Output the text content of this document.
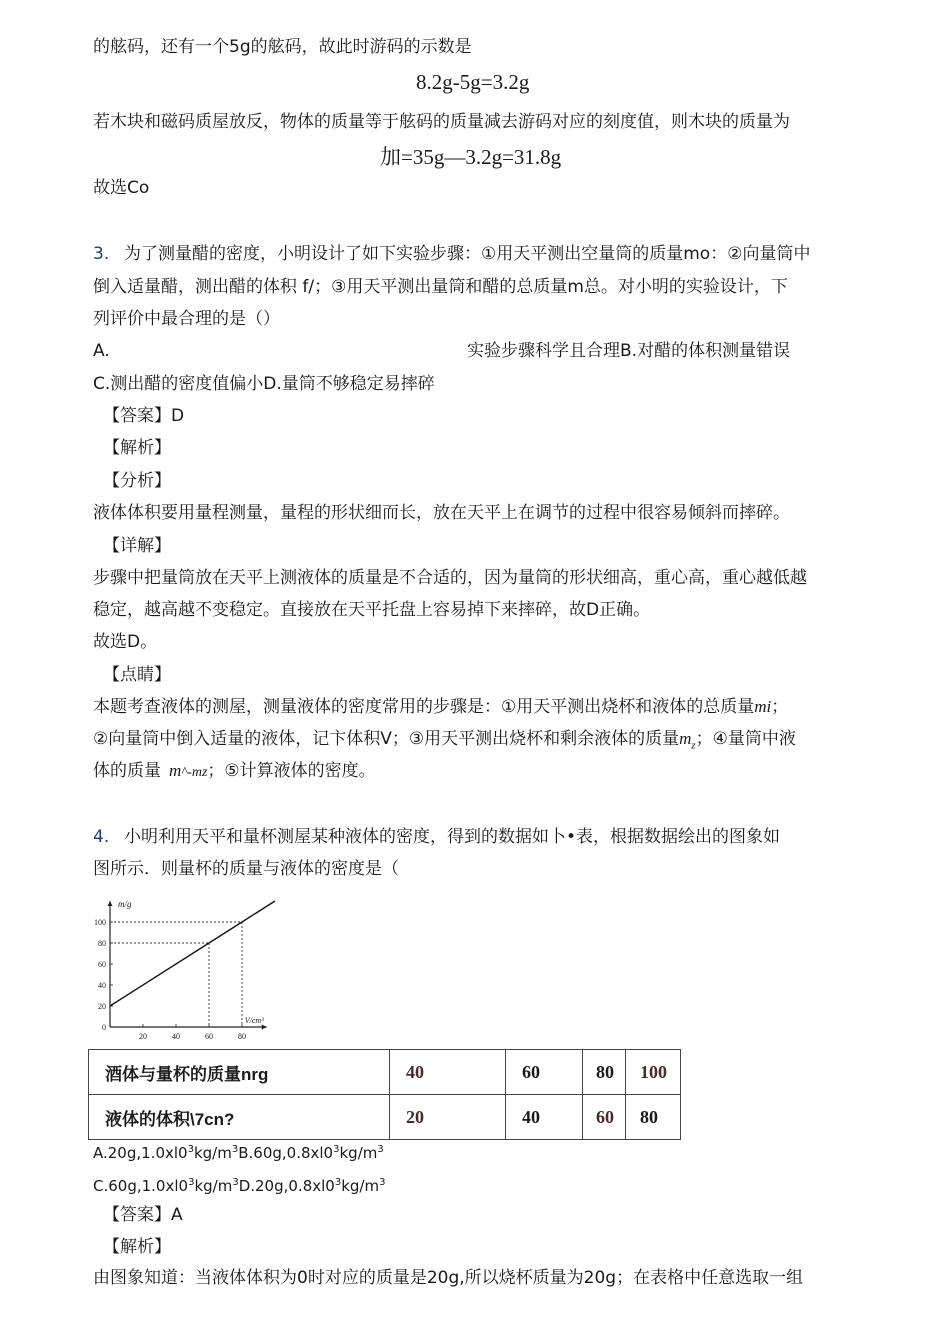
的舷码，还有一个5g的舷码，故此时游码的示数是
8.2g-5g=3.2g
若木块和磁码质屋放反，物体的质量等于舷码的质量减去游码对应的刻度值，则木块的质量为
加=35g—3.2g=31.8g
故选Co
3. 为了测量醋的密度，小明设计了如下实验步骤：①用天平测出空量筒的质量mo：②向量筒中
倒入适量醋，测出醋的体积 f/；③用天平测出量筒和醋的总质量m总。对小明的实验设计，下
列评价中最合理的是（）
A.	实验步骤科学且合理B.对醋的体积测量错误
C.测出醋的密度值偏小D.量筒不够稳定易摔碎
【答案】D
【解析】
【分析】
液体体积要用量程测量，量程的形状细而长，放在天平上在调节的过程中很容易倾斜而摔碎。
【详解】
步骤中把量筒放在天平上测液体的质量是不合适的，因为量筒的形状细高，重心高，重心越低越
稳定，越高越不变稳定。直接放在天平托盘上容易掉下来摔碎，故D正确。
故选D。
【点睛】
本题考查液体的测屋，测量液体的密度常用的步骤是：①用天平测出烧杯和液体的总质量mi；
②向量筒中倒入适量的液体，记卞体积V；③用天平测出烧杯和剩余液体的质量$m_z$；④量筒中液
体的质量 m^-mz；⑤计算液体的密度。
4. 小明利用天平和量杯测屋某种液体的密度，得到的数据如卜•表，根据数据绘出的图象如
图所示．则量杯的质量与液体的密度是（
m/g
V/cm³
0
20
40
60
80
100
20	40	60	80
酒体与量杯的质量nrg	40	60	80	100
液体的体积\7cn?	20	40	60	80
$A.20g,1.0xl0^3kg/m^3B.60g,0.8xl0^3kg/m^3$
$C.60g,1.0xl0^3kg/m^3D.20g,0.8xl0^3kg/m^3$
【答案】A
【解析】
由图象知道：当液体体积为0时对应的质量是20g,所以烧杯质量为20g；在表格中任意选取一组
